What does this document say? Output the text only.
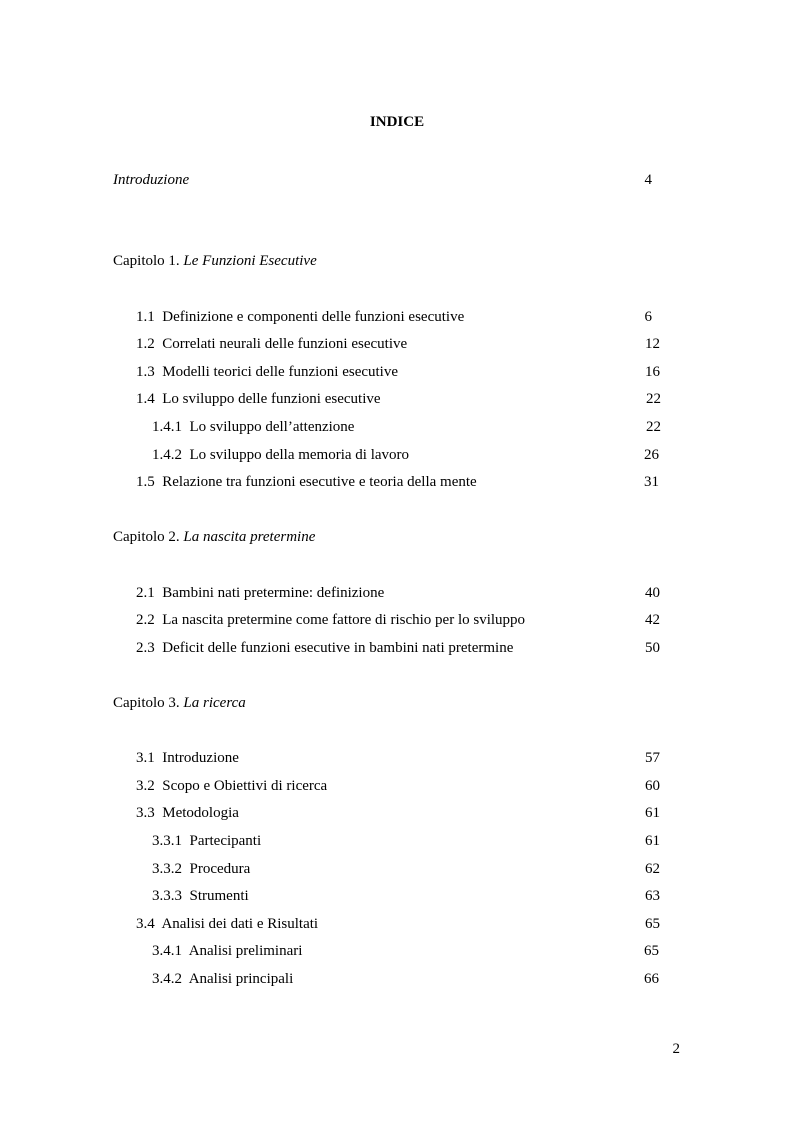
INDICE
Introduzione	4
Capitolo 1. Le Funzioni Esecutive
1.1 Definizione e componenti delle funzioni esecutive	6
1.2 Correlati neurali delle funzioni esecutive	12
1.3 Modelli teorici delle funzioni esecutive	16
1.4 Lo sviluppo delle funzioni esecutive	22
1.4.1 Lo sviluppo dell’attenzione	22
1.4.2 Lo sviluppo della memoria di lavoro	26
1.5 Relazione tra funzioni esecutive e teoria della mente	31
Capitolo 2. La nascita pretermine
2.1 Bambini nati pretermine: definizione	40
2.2 La nascita pretermine come fattore di rischio per lo sviluppo	42
2.3 Deficit delle funzioni esecutive in bambini nati pretermine	50
Capitolo 3. La ricerca
3.1 Introduzione	57
3.2 Scopo e Obiettivi di ricerca	60
3.3 Metodologia	61
3.3.1 Partecipanti	61
3.3.2 Procedura	62
3.3.3 Strumenti	63
3.4 Analisi dei dati e Risultati	65
3.4.1 Analisi preliminari	65
3.4.2 Analisi principali	66
2
